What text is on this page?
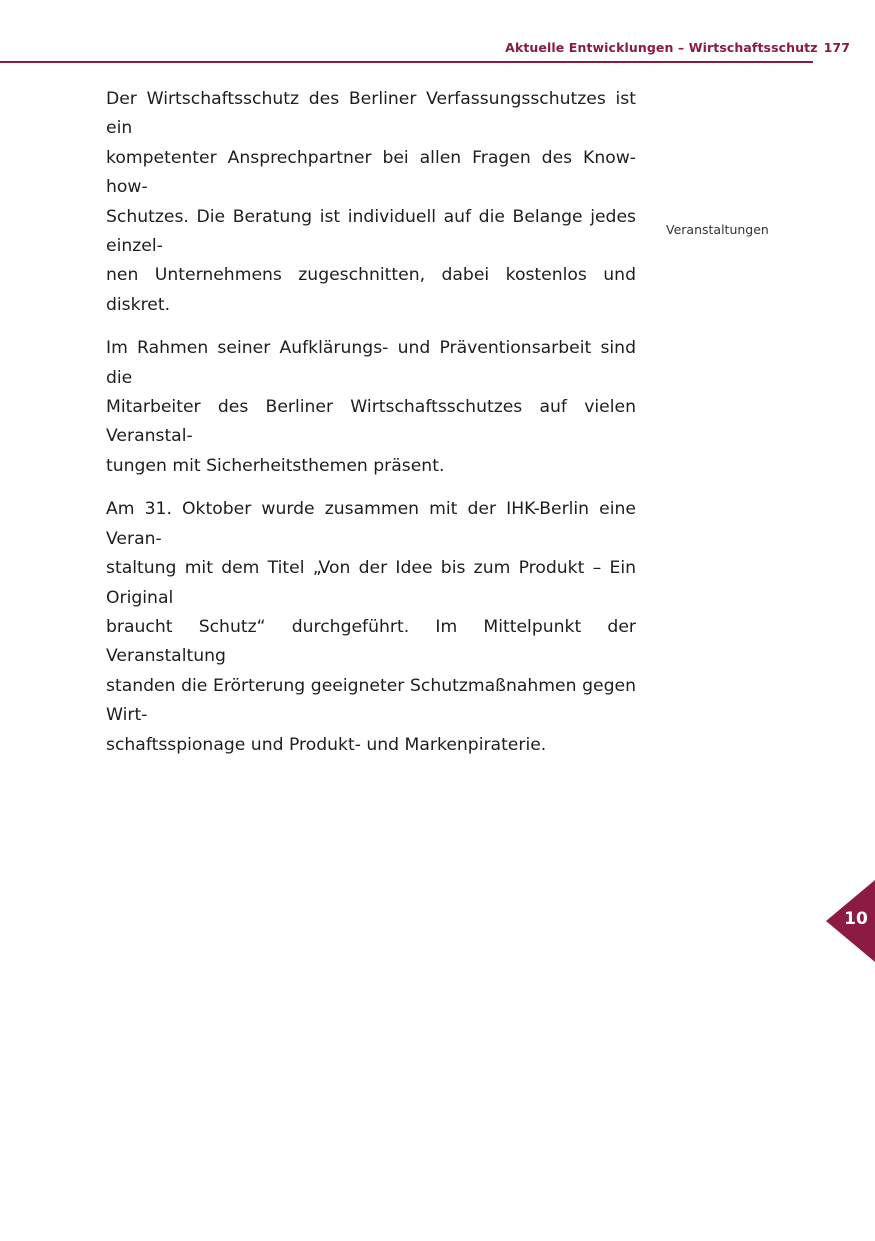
Aktuelle Entwicklungen – Wirtschaftsschutz 177

Der Wirtschaftsschutz des Berliner Verfassungsschutzes ist ein
kompetenter Ansprechpartner bei allen Fragen des Know-how-
Schutzes. Die Beratung ist individuell auf die Belange jedes einzel-
nen Unternehmens zugeschnitten, dabei kostenlos und diskret.

Im Rahmen seiner Aufklärungs- und Präventionsarbeit sind die
Mitarbeiter des Berliner Wirtschaftsschutzes auf vielen Veranstal-
tungen mit Sicherheitsthemen präsent.

Am 31. Oktober wurde zusammen mit der IHK-Berlin eine Veran-
staltung mit dem Titel „Von der Idee bis zum Produkt – Ein Original
braucht Schutz“ durchgeführt. Im Mittelpunkt der Veranstaltung
standen die Erörterung geeigneter Schutzmaßnahmen gegen Wirt-
schaftsspionage und Produkt- und Markenpiraterie.

Veranstaltungen
10
